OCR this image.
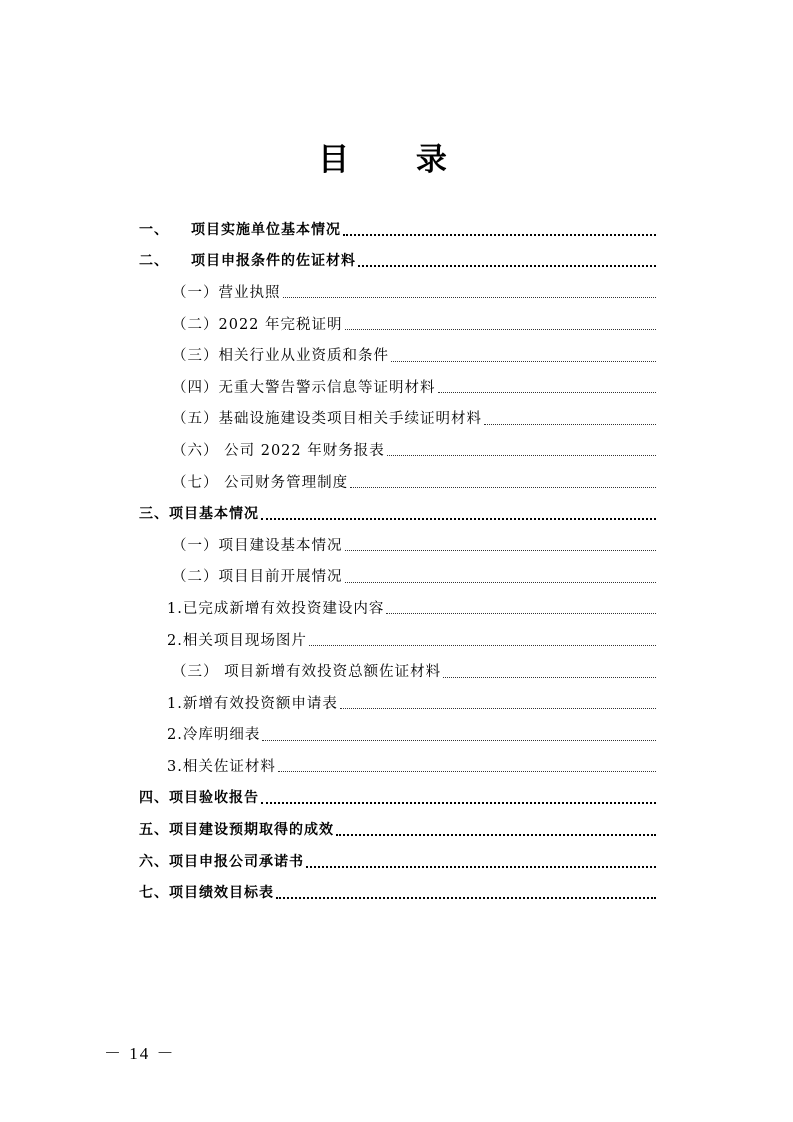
目 录
一、 项目实施单位基本情况
二、 项目申报条件的佐证材料
（一）营业执照
（二）2022 年完税证明
（三）相关行业从业资质和条件
（四）无重大警告警示信息等证明材料
（五）基础设施建设类项目相关手续证明材料
（六） 公司 2022 年财务报表
（七） 公司财务管理制度
三、项目基本情况
（一）项目建设基本情况
（二）项目目前开展情况
1.已完成新增有效投资建设内容
2.相关项目现场图片
（三） 项目新增有效投资总额佐证材料
1.新增有效投资额申请表
2.冷库明细表
3.相关佐证材料
四、项目验收报告
五、项目建设预期取得的成效
六、项目申报公司承诺书
七、项目绩效目标表
－ 14 －
